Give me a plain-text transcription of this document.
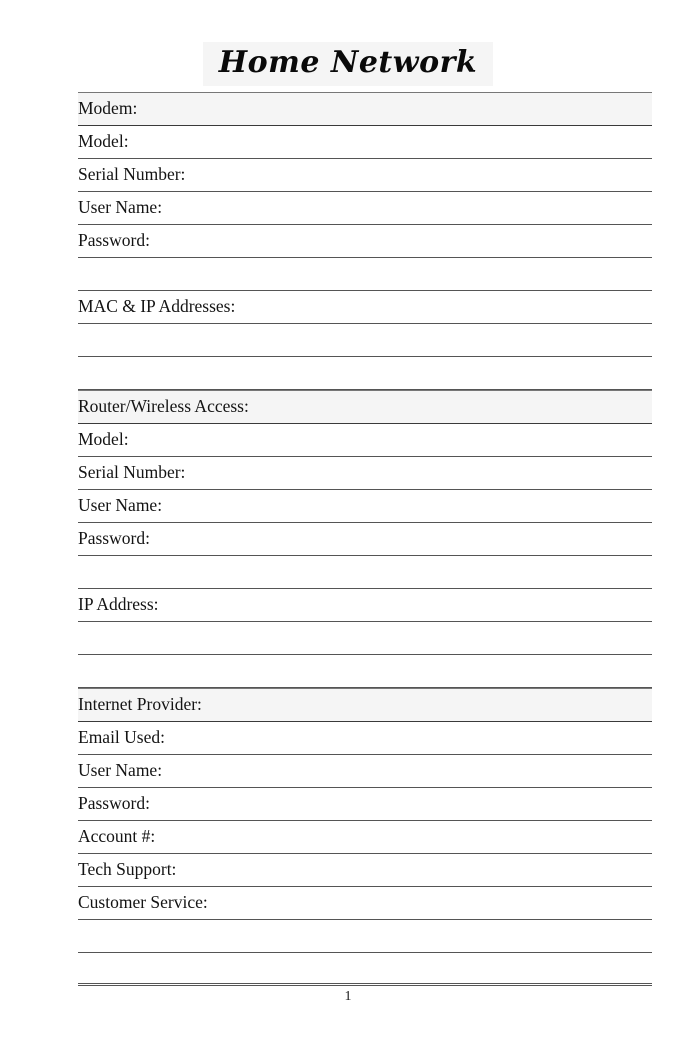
Home Network
Modem:
Model:
Serial Number:
User Name:
Password:
MAC & IP Addresses:
Router/Wireless Access:
Model:
Serial Number:
User Name:
Password:
IP Address:
Internet Provider:
Email Used:
User Name:
Password:
Account #:
Tech Support:
Customer Service:
1
